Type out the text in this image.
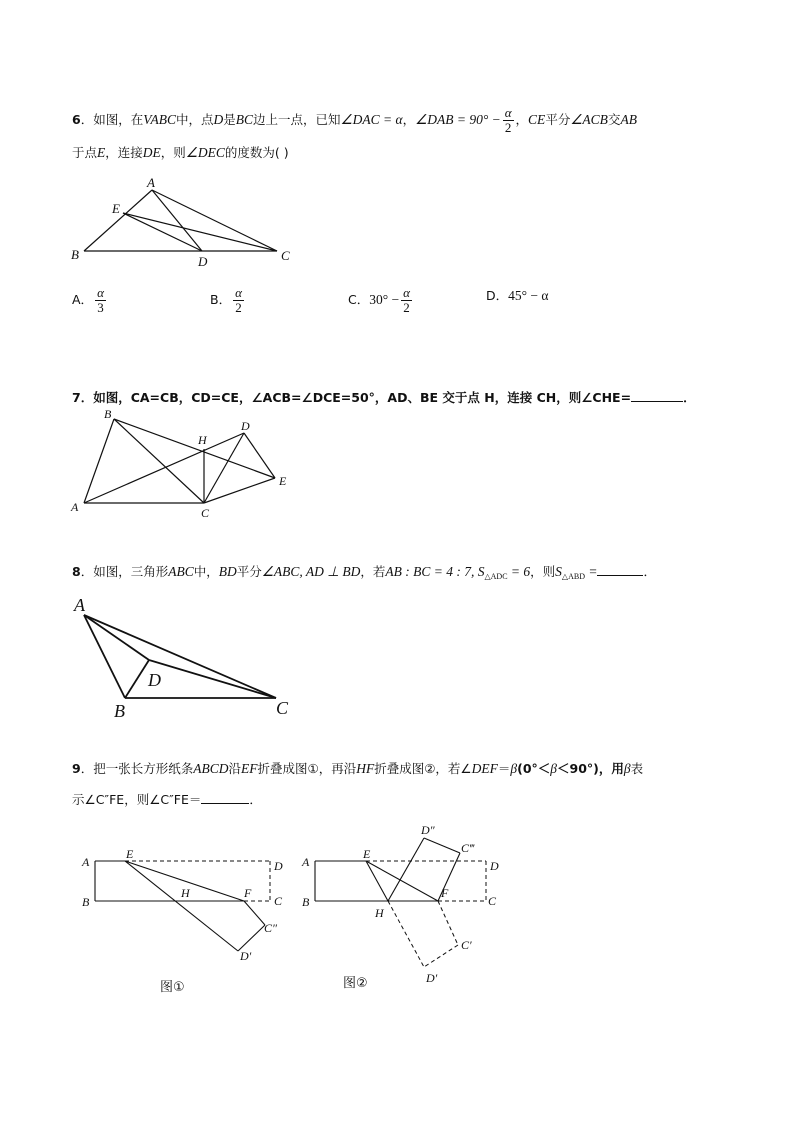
6．如图，在VABC中，点D是BC边上一点，已知∠DAC = α，∠DAB = $90^\circ - \frac{\alpha}{2}$ ，CE平分∠ACB交AB
于点E，连接DE，则∠DEC的度数为( )
A
E
B	D	C
A． $\frac{\alpha}{3}$	B． $\frac{\alpha}{2}$	C．$30^\circ - \frac{\alpha}{2}$	D．45° − α
7．如图，CA=CB，CD=CE，∠ACB=∠DCE=50°，AD、BE 交于点 H，连接 CH，则∠CHE=	．
B
H
D
E
A	C
8．如图，三角形ABC中，BD平分∠ABC, AD ⊥ BD，若AB : BC = 4 : 7, $S_{\triangle ADC} = 6$，则$S_{\triangle ABD}$ =	．
A
D
B	C
9．把一张长方形纸条ABCD沿EF折叠成图①，再沿HF折叠成图②，若∠DEF＝β(0°＜β＜90°)，用β表
示∠C″FE，则∠C″FE＝	．
A
B
E
H	F
D
C
C″
D′
图①
A
B
E
H
F
D
C
D″
C‴
C′
D′
图②
